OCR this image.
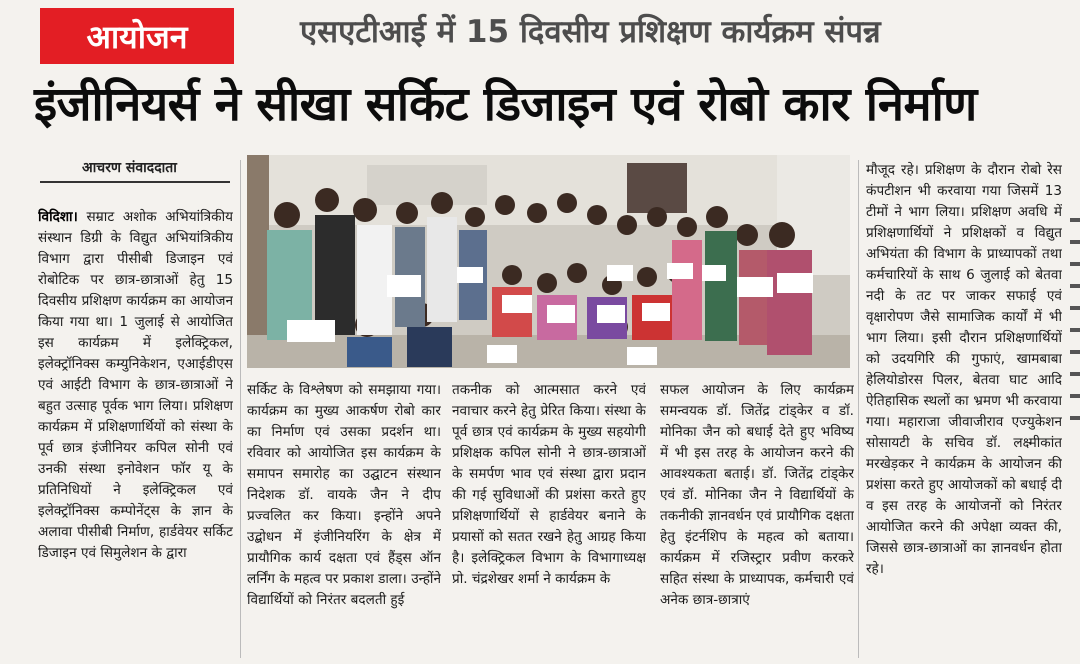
आयोजन	एसएटीआई में 15 दिवसीय प्रशिक्षण कार्यक्रम संपन्न
इंजीनियर्स ने सीखा सर्किट डिजाइन एवं रोबो कार निर्माण
आचरण संवाददाता

विदिशा। सम्राट अशोक अभियांत्रिकीय संस्थान डिग्री के विद्युत अभियांत्रिकीय विभाग द्वारा पीसीबी डिजाइन एवं रोबोटिक पर छात्र-छात्राओं हेतु 15 दिवसीय प्रशिक्षण कार्यक्रम का आयोजन किया गया था। 1 जुलाई से आयोजित इस कार्यक्रम में इलेक्ट्रिकल, इलेक्ट्रॉनिक्स कम्युनिकेशन, एआईडीएस एवं आईटी विभाग के छात्र-छात्राओं ने बहुत उत्साह पूर्वक भाग लिया। प्रशिक्षण कार्यक्रम में प्रशिक्षणार्थियों को संस्था के पूर्व छात्र इंजीनियर कपिल सोनी एवं उनकी संस्था इनोवेशन फॉर यू के प्रतिनिधियों ने इलेक्ट्रिकल एवं इलेक्ट्रॉनिक्स कम्पोनेंट्स के ज्ञान के अलावा पीसीबी निर्माण, हार्डवेयर सर्किट डिजाइन एवं सिमुलेशन के द्वारा

सर्किट के विश्लेषण को समझाया गया। कार्यक्रम का मुख्य आकर्षण रोबो कार का निर्माण एवं उसका प्रदर्शन था। रविवार को आयोजित इस कार्यक्रम के समापन समारोह का उद्घाटन संस्थान निदेशक डॉ. वायके जैन ने दीप प्रज्वलित कर किया। इन्होंने अपने उद्बोधन में इंजीनियरिंग के क्षेत्र में प्रायौगिक कार्य दक्षता एवं हैंड्स ऑन लर्निंग के महत्व पर प्रकाश डाला। उन्होंने विद्यार्थियों को निरंतर बदलती हुई

तकनीक को आत्मसात करने एवं नवाचार करने हेतु प्रेरित किया। संस्था के पूर्व छात्र एवं कार्यक्रम के मुख्य सहयोगी प्रशिक्षक कपिल सोनी ने छात्र-छात्राओं के समर्पण भाव एवं संस्था द्वारा प्रदान की गई सुविधाओं की प्रशंसा करते हुए प्रशिक्षणार्थियों से हार्डवेयर बनाने के प्रयासों को सतत रखने हेतु आग्रह किया है। इलेक्ट्रिकल विभाग के विभागाध्यक्ष प्रो. चंद्रशेखर शर्मा ने कार्यक्रम के

सफल आयोजन के लिए कार्यक्रम समन्वयक डॉ. जितेंद्र टांड्केर व डॉ. मोनिका जैन को बधाई देते हुए भविष्य में भी इस तरह के आयोजन करने की आवश्यकता बताई। डॉ. जितेंद्र टांड्केर एवं डॉ. मोनिका जैन ने विद्यार्थियों के तकनीकी ज्ञानवर्धन एवं प्रायौगिक दक्षता हेतु इंटर्नशिप के महत्व को बताया। कार्यक्रम में रजिस्ट्रार प्रवीण करकरे सहित संस्था के प्राध्यापक, कर्मचारी एवं अनेक छात्र-छात्राएं

मौजूद रहे। प्रशिक्षण के दौरान रोबो रेस कंपटीशन भी करवाया गया जिसमें 13 टीमों ने भाग लिया। प्रशिक्षण अवधि में प्रशिक्षणार्थियों ने प्रशिक्षकों व विद्युत अभियंता की विभाग के प्राध्यापकों तथा कर्मचारियों के साथ 6 जुलाई को बेतवा नदी के तट पर जाकर सफाई एवं वृक्षारोपण जैसे सामाजिक कार्यों में भी भाग लिया। इसी दौरान प्रशिक्षणार्थियों को उदयगिरि की गुफाएं, खामबाबा हेलियोडोरस पिलर, बेतवा घाट आदि ऐतिहासिक स्थलों का भ्रमण भी करवाया गया। महाराजा जीवाजीराव एज्युकेशन सोसायटी के सचिव डॉ. लक्ष्मीकांत मरखेड़कर ने कार्यक्रम के आयोजन की प्रशंसा करते हुए आयोजकों को बधाई दी व इस तरह के आयोजनों को निरंतर आयोजित करने की अपेक्षा व्यक्त की, जिससे छात्र-छात्राओं का ज्ञानवर्धन होता रहे।
